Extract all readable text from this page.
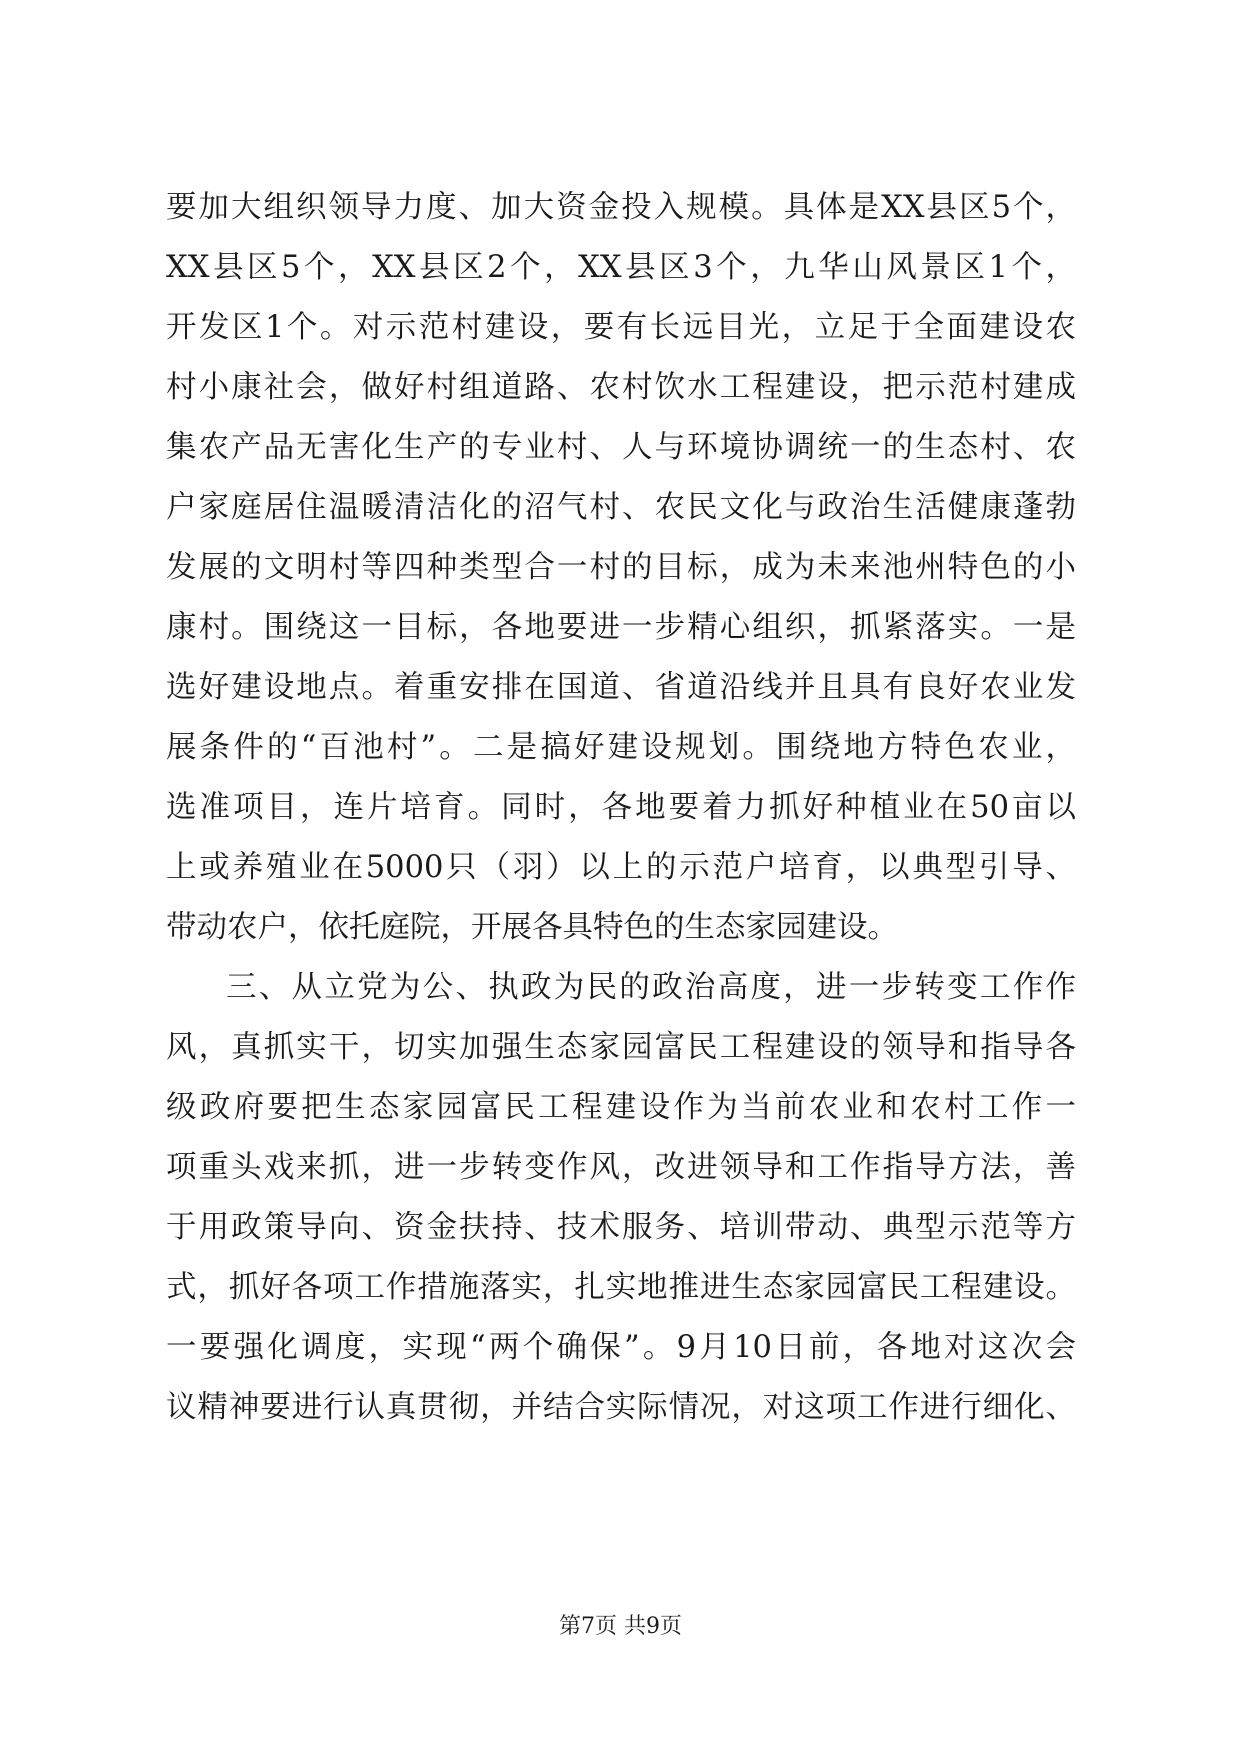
要加大组织领导力度、加大资金投入规模。具体是XX县区5个，
XX县区5个，XX县区2个，XX县区3个，九华山风景区1个，
开发区1个。对示范村建设，要有长远目光，立足于全面建设农
村小康社会，做好村组道路、农村饮水工程建设，把示范村建成
集农产品无害化生产的专业村、人与环境协调统一的生态村、农
户家庭居住温暖清洁化的沼气村、农民文化与政治生活健康蓬勃
发展的文明村等四种类型合一村的目标，成为未来池州特色的小
康村。围绕这一目标，各地要进一步精心组织，抓紧落实。一是
选好建设地点。着重安排在国道、省道沿线并且具有良好农业发
展条件的“百池村”。二是搞好建设规划。围绕地方特色农业，
选准项目，连片培育。同时，各地要着力抓好种植业在50亩以
上或养殖业在5000只（羽）以上的示范户培育，以典型引导、
带动农户，依托庭院，开展各具特色的生态家园建设。
三、从立党为公、执政为民的政治高度，进一步转变工作作
风，真抓实干，切实加强生态家园富民工程建设的领导和指导各
级政府要把生态家园富民工程建设作为当前农业和农村工作一
项重头戏来抓，进一步转变作风，改进领导和工作指导方法，善
于用政策导向、资金扶持、技术服务、培训带动、典型示范等方
式，抓好各项工作措施落实，扎实地推进生态家园富民工程建设。
一要强化调度，实现“两个确保”。9月10日前，各地对这次会
议精神要进行认真贯彻，并结合实际情况，对这项工作进行细化、
第7页 共9页
